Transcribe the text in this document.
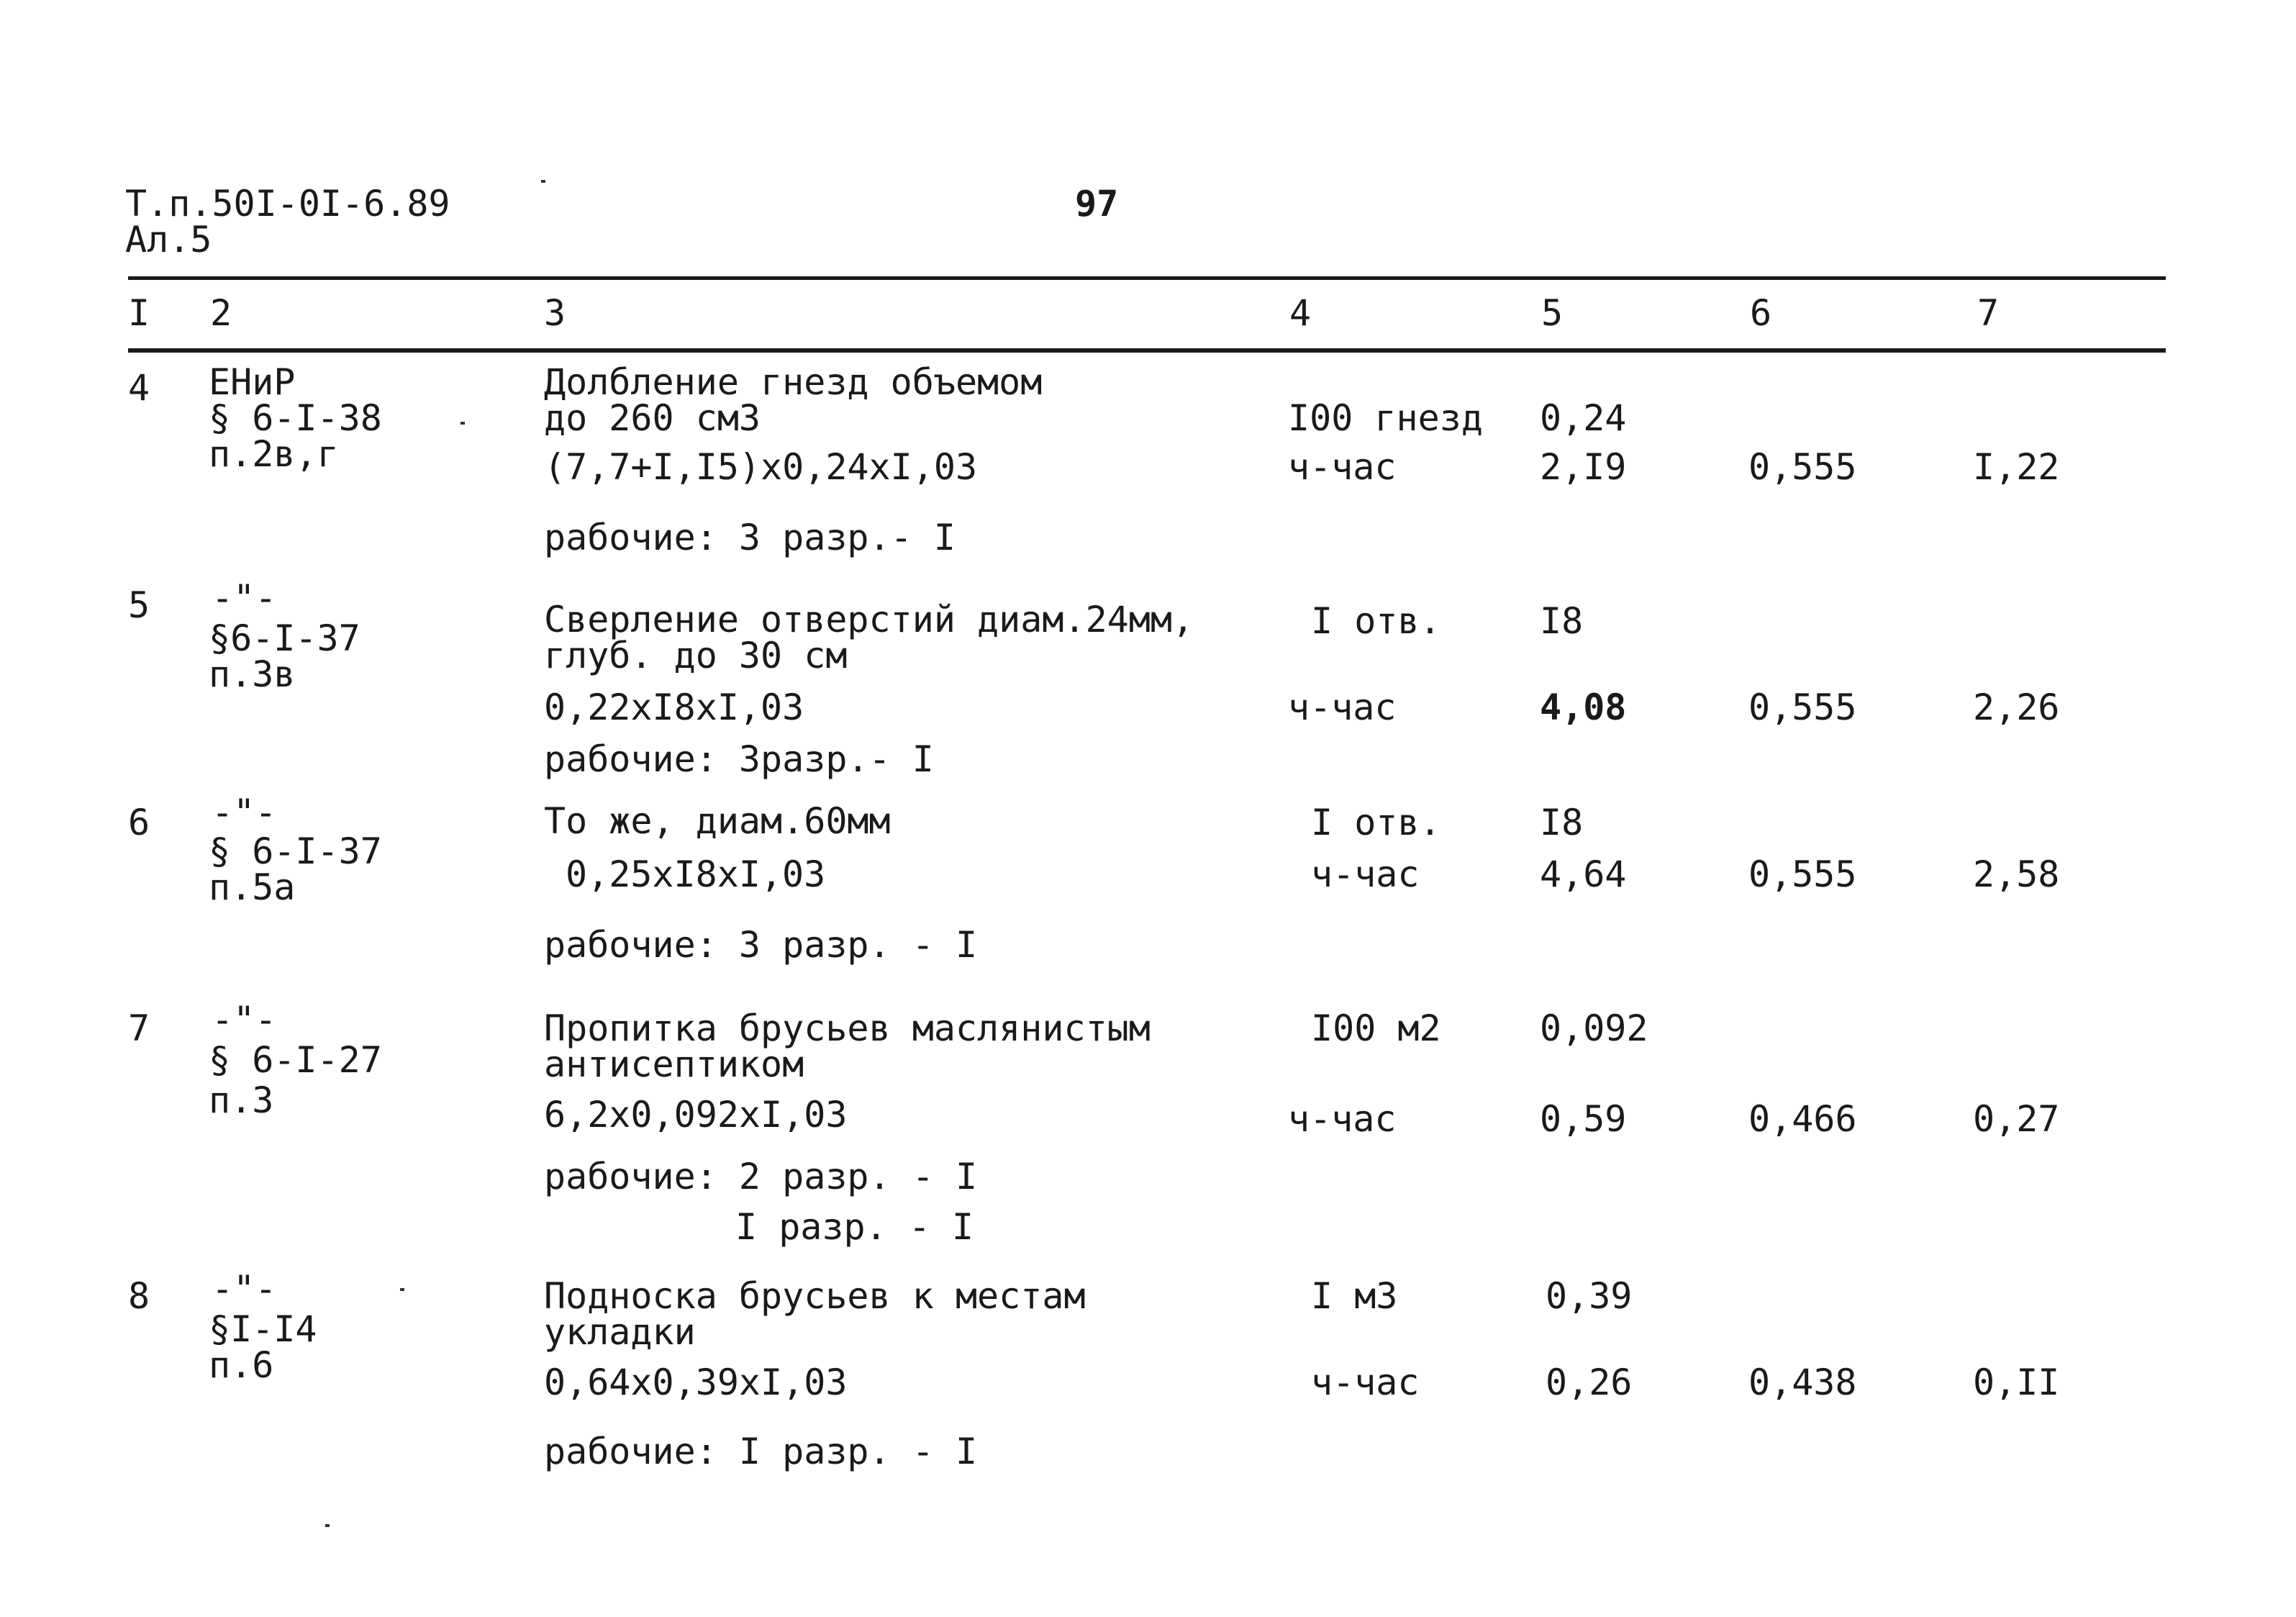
Т.п.50I-0I-6.89
Ал.5
97
I 2	3	4	5	6	7
4 ЕНиР
§ 6-I-38
п.2в,г
Долбление гнезд объемом
до 260 см3	I00 гнезд 0,24
(7,7+I,I5)х0,24хI,03	ч-час	2,I9	0,555	I,22
рабочие: 3 разр.- I
5 -"-
§6-I-37
п.3в
Сверление отверстий диам.24мм,
глуб. до 30 см
I отв.	I8
0,22хI8хI,03	ч-час	4,08	0,555	2,26
рабочие: 3разр.- I
6 -"-
§ 6-I-37
п.5а
То же, диам.60мм	I отв.	I8
0,25хI8хI,03	ч-час	4,64	0,555	2,58
рабочие: 3 разр. - I
7 -"-
§ 6-I-27
п.3
Пропитка брусьев маслянистым
антисептиком
I00 м2	0,092
6,2х0,092хI,03	ч-час	0,59	0,466	0,27
рабочие: 2 разр. - I
I разр. - I
8 -"-
§I-I4
п.6
Подноска брусьев к местам
укладки
I м3	0,39
0,64х0,39хI,03	ч-час	0,26	0,438	0,II
рабочие: I разр. - I
